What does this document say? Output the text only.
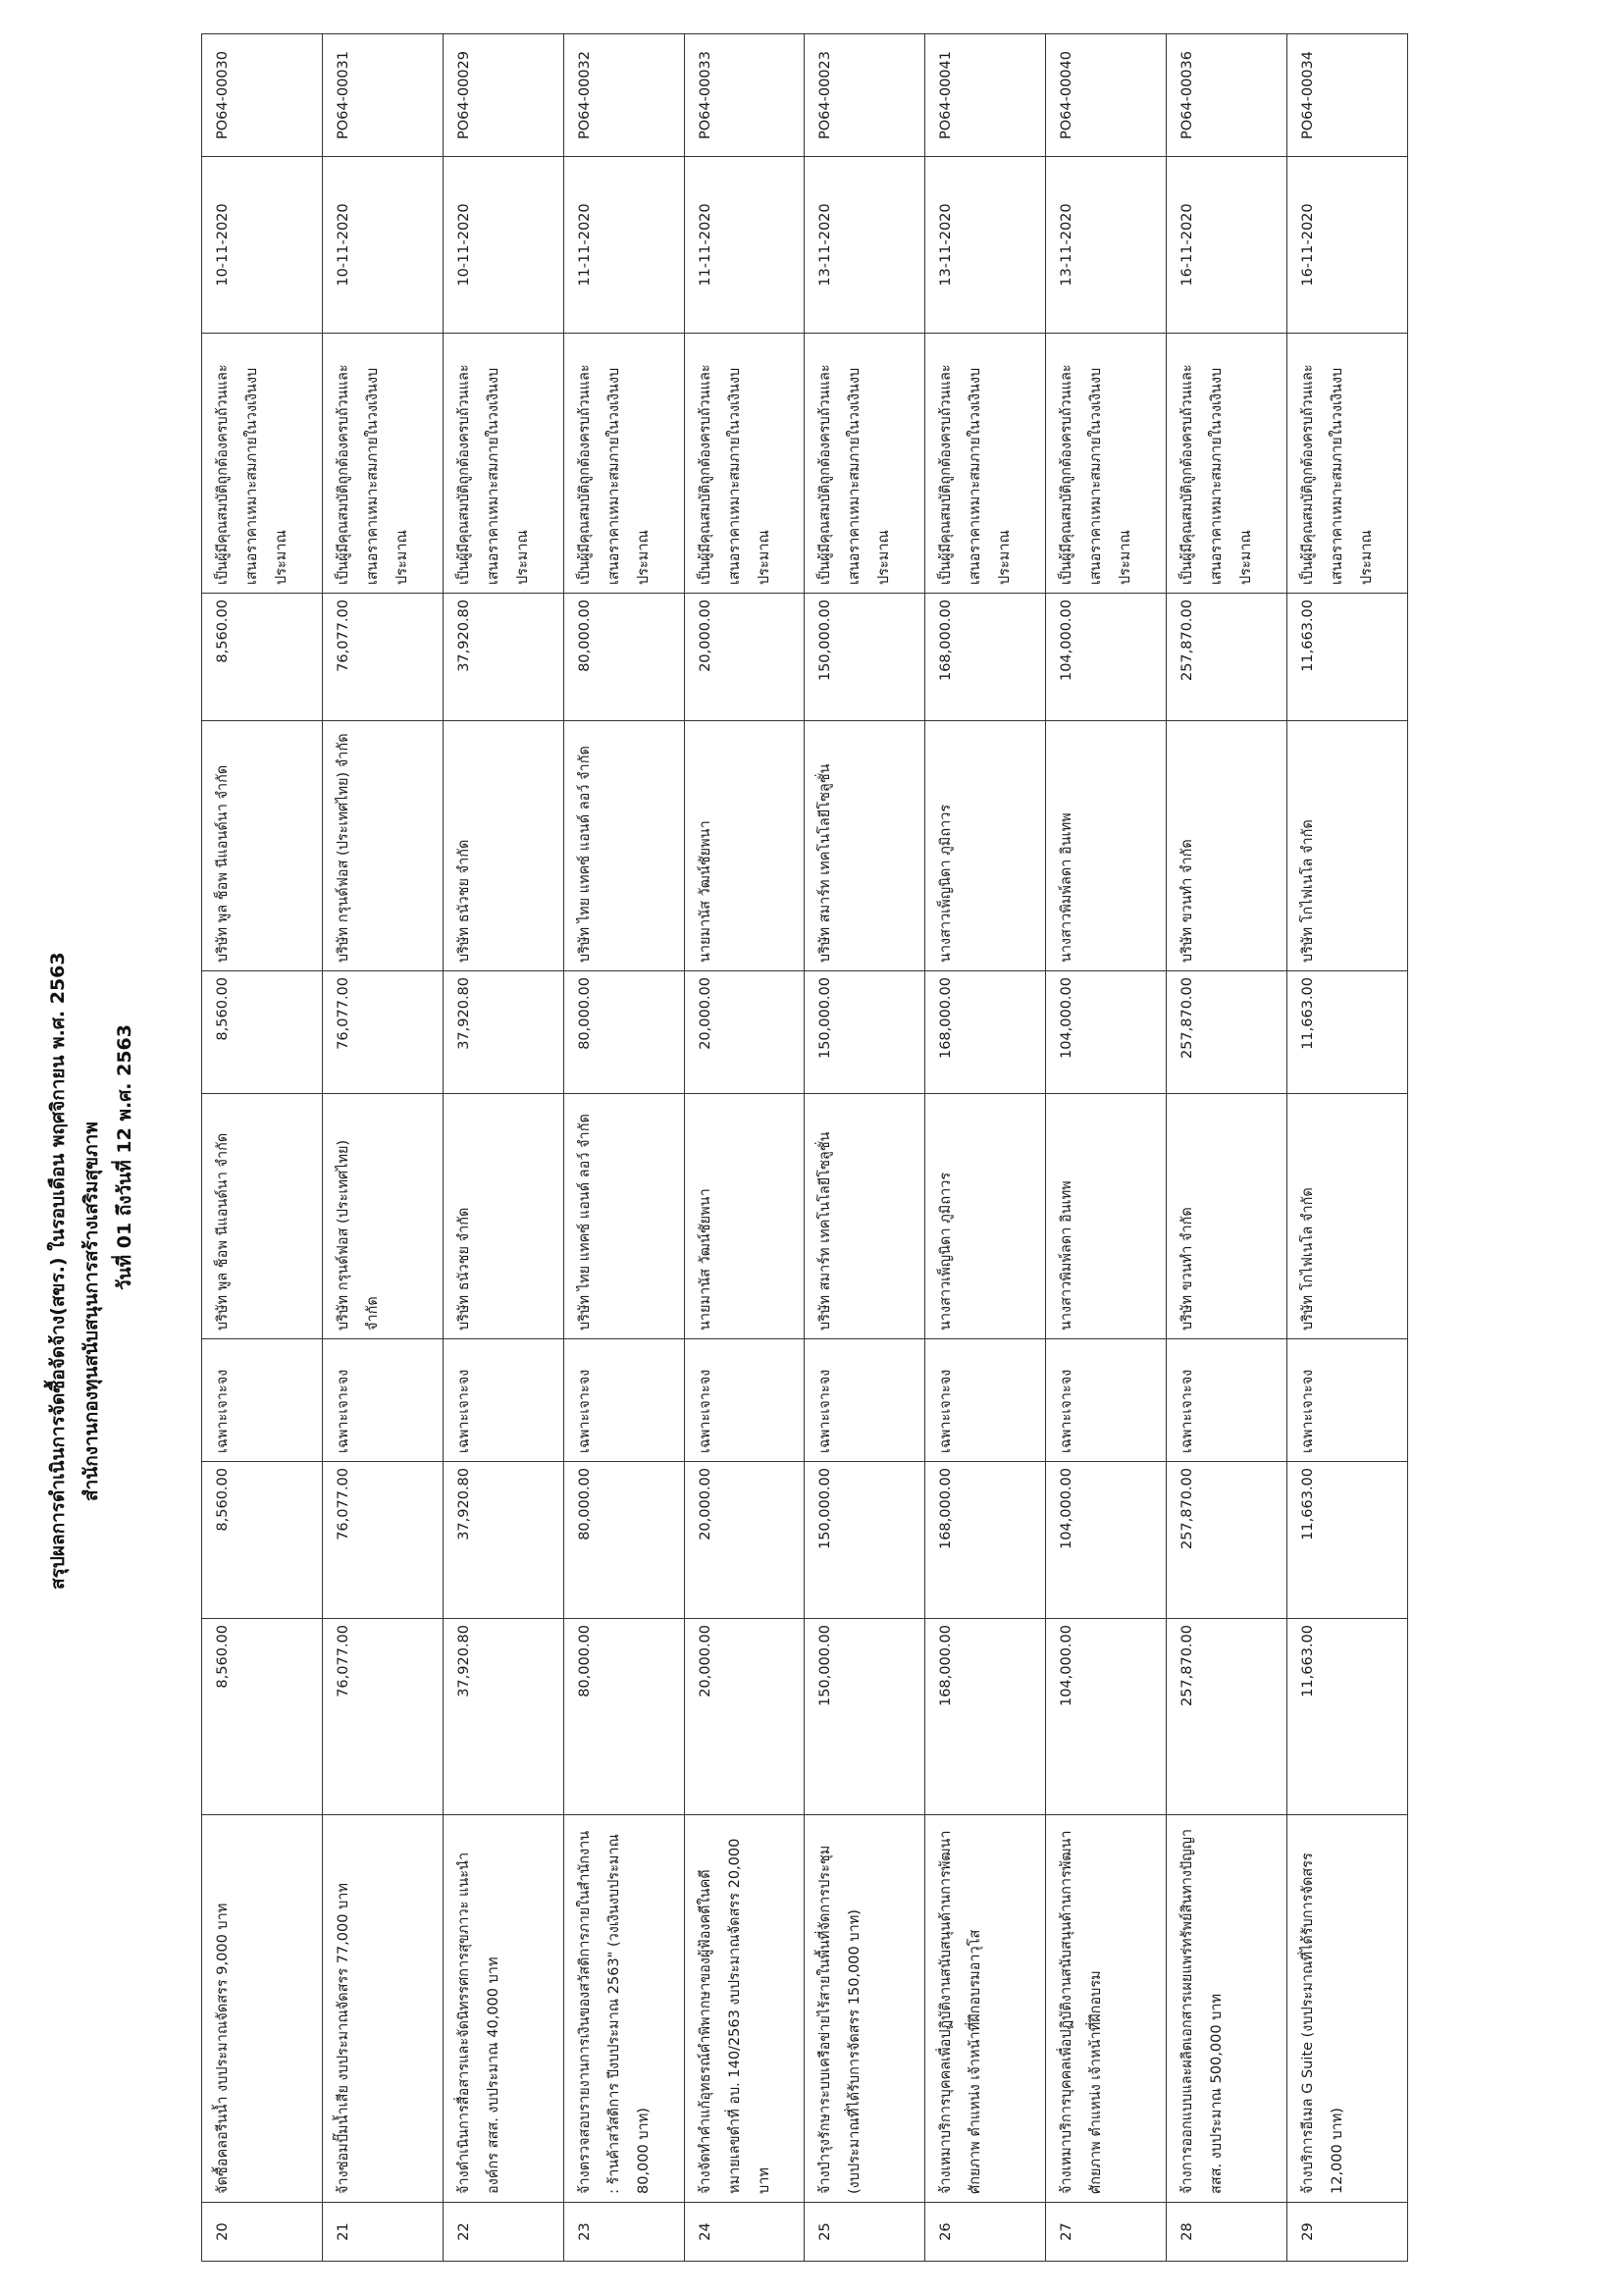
สรุปผลการดำเนินการจัดซื้อจัดจ้าง(สขร.) ในรอบเดือน พฤศจิกายน พ.ศ. 2563 สำนักงานกองทุนสนับสนุนการสร้างเสริมสุขภาพ วันที่ 01 ถึงวันที่ 12 พ.ศ. 2563
20	จัดซื้อคลอรีนน้ำ งบประมาณจัดสรร 9,000 บาท	8,560.00	8,560.00	เฉพาะเจาะจง	บริษัท พูล ช็อพ นีแอนด์นา จำกัด	8,560.00	บริษัท พูล ช็อพ นีแอนด์นา จำกัด	8,560.00	เป็นผู้มีคุณสมบัติถูกต้องครบถ้วนและเสนอราคาเหมาะสมภายในวงเงินงบประมาณ	10-11-2020	PO64-00030
21	จ้างซ่อมปั๊มน้ำเสีย งบประมาณจัดสรร 77,000 บาท	76,077.00	76,077.00	เฉพาะเจาะจง	บริษัท กรุนด์ฟอส (ประเทศไทย) จำกัด	76,077.00	บริษัท กรุนด์ฟอส (ประเทศไทย) จำกัด	76,077.00	เป็นผู้มีคุณสมบัติถูกต้องครบถ้วนและเสนอราคาเหมาะสมภายในวงเงินงบประมาณ	10-11-2020	PO64-00031
22	จ้างดำเนินการสื่อสารและจัดนิทรรศการสุขภาวะ แนะนำองค์กร สสส. งบประมาณ 40,000 บาท	37,920.80	37,920.80	เฉพาะเจาะจง	บริษัท ธนัวชย จำกัด	37,920.80	บริษัท ธนัวชย จำกัด	37,920.80	เป็นผู้มีคุณสมบัติถูกต้องครบถ้วนและเสนอราคาเหมาะสมภายในวงเงินงบประมาณ	10-11-2020	PO64-00029
23	จ้างตรวจสอบรายงานการเงินของสวัสดิการภายในสำนักงาน : ร้านค้าสวัสดิการ ปีงบประมาณ 2563" (วงเงินงบประมาณ 80,000 บาท)	80,000.00	80,000.00	เฉพาะเจาะจง	บริษัท ไทย แทคซ์ แอนด์ ลอว์ จำกัด	80,000.00	บริษัท ไทย แทคซ์ แอนด์ ลอว์ จำกัด	80,000.00	เป็นผู้มีคุณสมบัติถูกต้องครบถ้วนและเสนอราคาเหมาะสมภายในวงเงินงบประมาณ	11-11-2020	PO64-00032
24	จ้างจัดทำคำแก้อุทธรณ์คำพิพากษาของผู้ฟ้องคดีในคดีหมายเลขดำที่ อบ. 140/2563 งบประมาณจัดสรร 20,000 บาท	20,000.00	20,000.00	เฉพาะเจาะจง	นายมานัส วัฒน์ชัยพนา	20,000.00	นายมานัส วัฒน์ชัยพนา	20,000.00	เป็นผู้มีคุณสมบัติถูกต้องครบถ้วนและเสนอราคาเหมาะสมภายในวงเงินงบประมาณ	11-11-2020	PO64-00033
25	จ้างบำรุงรักษาระบบเครือข่ายไร้สายในพื้นที่จัดการประชุม (งบประมาณที่ได้รับการจัดสรร 150,000 บาท)	150,000.00	150,000.00	เฉพาะเจาะจง	บริษัท สมาร์ท เทคโนโลยีโซลูชั่น	150,000.00	บริษัท สมาร์ท เทคโนโลยีโซลูชั่น	150,000.00	เป็นผู้มีคุณสมบัติถูกต้องครบถ้วนและเสนอราคาเหมาะสมภายในวงเงินงบประมาณ	13-11-2020	PO64-00023
26	จ้างเหมาบริการบุคคลเพื่อปฏิบัติงานสนับสนุนด้านการพัฒนาศักยภาพ ตำแหน่ง เจ้าหน้าที่ฝึกอบรมอาวุโส	168,000.00	168,000.00	เฉพาะเจาะจง	นางสาวเพ็ญนิดา ภูมิถาวร	168,000.00	นางสาวเพ็ญนิดา ภูมิถาวร	168,000.00	เป็นผู้มีคุณสมบัติถูกต้องครบถ้วนและเสนอราคาเหมาะสมภายในวงเงินงบประมาณ	13-11-2020	PO64-00041
27	จ้างเหมาบริการบุคคลเพื่อปฏิบัติงานสนับสนุนด้านการพัฒนาศักยภาพ ตำแหน่ง เจ้าหน้าที่ฝึกอบรม	104,000.00	104,000.00	เฉพาะเจาะจง	นางสาวพิมพ์ลดา อินเทพ	104,000.00	นางสาวพิมพ์ลดา อินเทพ	104,000.00	เป็นผู้มีคุณสมบัติถูกต้องครบถ้วนและเสนอราคาเหมาะสมภายในวงเงินงบประมาณ	13-11-2020	PO64-00040
28	จ้างการออกแบบและผลิตเอกสารเผยแพร่ทรัพย์สินทางปัญญา สสส. งบประมาณ 500,000 บาท	257,870.00	257,870.00	เฉพาะเจาะจง	บริษัท ขวนทำ จำกัด	257,870.00	บริษัท ขวนทำ จำกัด	257,870.00	เป็นผู้มีคุณสมบัติถูกต้องครบถ้วนและเสนอราคาเหมาะสมภายในวงเงินงบประมาณ	16-11-2020	PO64-00036
29	จ้างบริการอีเมล G Suite (งบประมาณที่ได้รับการจัดสรร 12,000 บาท)	11,663.00	11,663.00	เฉพาะเจาะจง	บริษัท โกไฟเนโล จำกัด	11,663.00	บริษัท โกไฟเนโล จำกัด	11,663.00	เป็นผู้มีคุณสมบัติถูกต้องครบถ้วนและเสนอราคาเหมาะสมภายในวงเงินงบประมาณ	16-11-2020	PO64-00034
